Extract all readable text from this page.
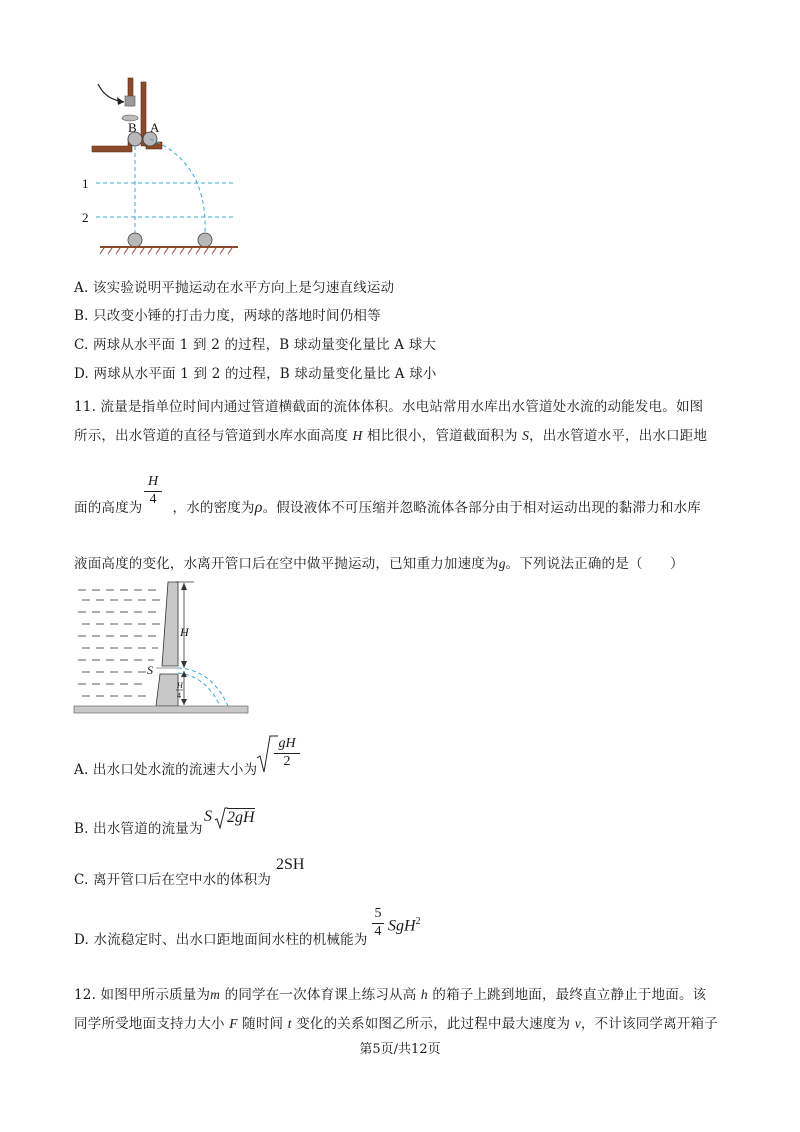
B A
1
2
A. 该实验说明平抛运动在水平方向上是匀速直线运动
B. 只改变小锤的打击力度，两球的落地时间仍相等
C. 两球从水平面 1 到 2 的过程，B 球动量变化量比 A 球大
D. 两球从水平面 1 到 2 的过程，B 球动量变化量比 A 球小
11. 流量是指单位时间内通过管道横截面的流体体积。水电站常用水库出水管道处水流的动能发电。如图
所示，出水管道的直径与管道到水库水面高度 H 相比很小，管道截面积为 S，出水管道水平，出水口距地
面的高度为 ，水的密度为ρ。假设液体不可压缩并忽略流体各部分由于相对运动出现的黏滞力和水库
$\frac{H}{4}$
液面高度的变化，水离开管口后在空中做平抛运动，已知重力加速度为g。下列说法正确的是（　　）
H
H
4
S
A. 出水口处水流的流速大小为 $\frac{gH}{2}$
B. 出水管道的流量为
S 2gH
C. 离开管口后在空中水的体积为
2SH
D. 水流稳定时、出水口距地面间水柱的机械能为 $\frac{5}{4} SgH^2$
12. 如图甲所示质量为m 的同学在一次体育课上练习从高 h 的箱子上跳到地面，最终直立静止于地面。该
同学所受地面支持力大小 F 随时间 t 变化的关系如图乙所示，此过程中最大速度为 v，不计该同学离开箱子
第5页/共12页
